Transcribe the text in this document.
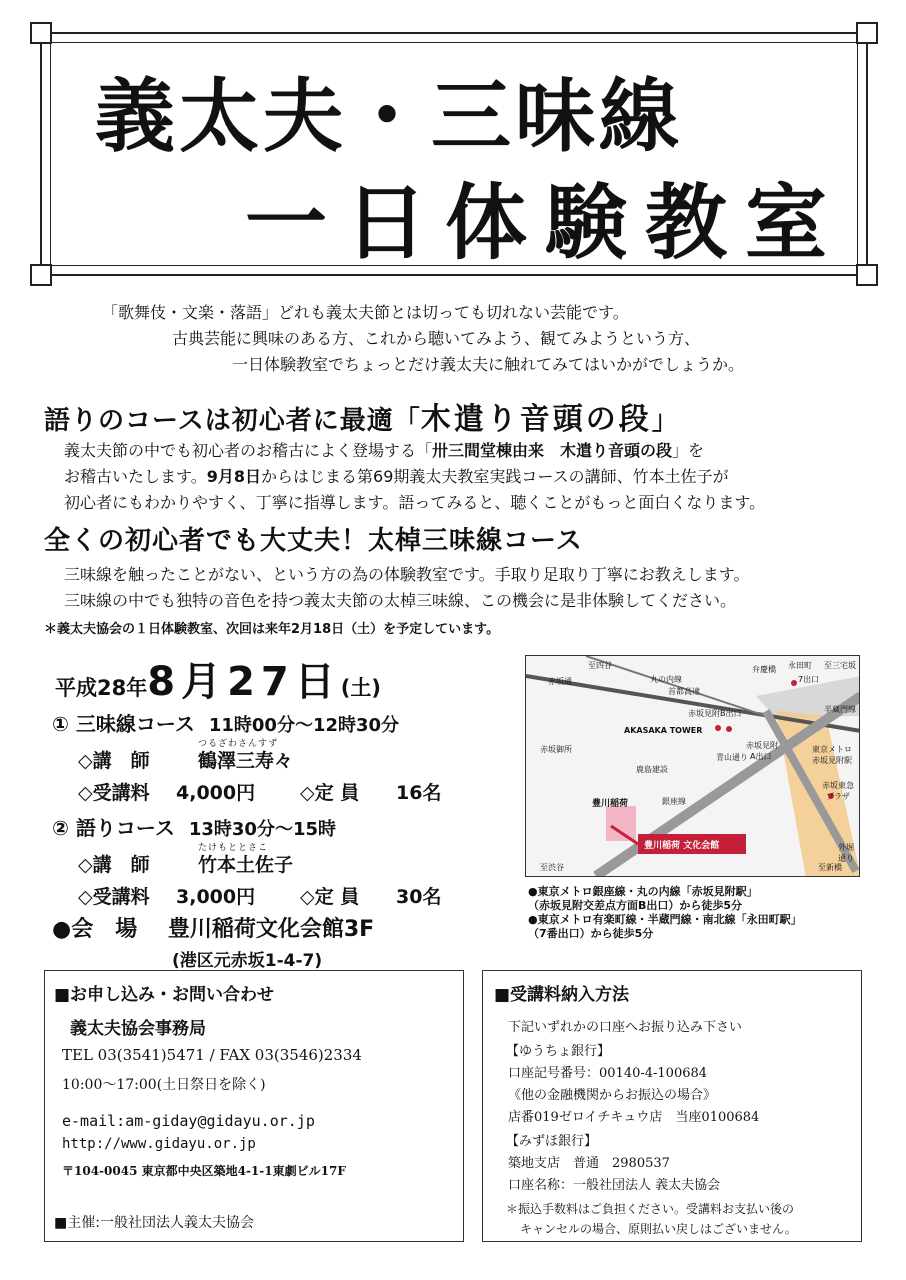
義太夫・三味線
一日体験教室
「歌舞伎・文楽・落語」どれも義太夫節とは切っても切れない芸能です。
古典芸能に興味のある方、これから聴いてみよう、観てみようという方、
一日体験教室でちょっとだけ義太夫に触れてみてはいかがでしょうか。
語りのコースは初心者に最適「木遣り音頭の段」
義太夫節の中でも初心者のお稽古によく登場する「卅三間堂棟由来　木遣り音頭の段」を
お稽古いたします。9月8日からはじまる第69期義太夫教室実践コースの講師、竹本土佐子が
初心者にもわかりやすく、丁寧に指導します。語ってみると、聴くことがもっと面白くなります。
全くの初心者でも大丈夫！太棹三味線コース
三味線を触ったことがない、という方の為の体験教室です。手取り足取り丁寧にお教えします。
三味線の中でも独特の音色を持つ義太夫節の太棹三味線、この機会に是非体験してください。
＊義太夫協会の１日体験教室、次回は来年2月18日（土）を予定しています。
平成28年8月27日(土)
① 三味線コース 11時00分～12時30分
つるざわさんすず
◇講　師	鶴澤三寿々
◇受講料 4,000円 ◇定 員 16名
② 語りコース 13時30分～15時
たけもととさこ
◇講　師	竹本土佐子
◇受講料 3,000円 ◇定 員 30名
●会　場 豊川稲荷文化会館3F
(港区元赤坂1-4-7)
至四谷
赤坂通	丸の内線
首都高速
弁慶橋 永田町
7出口
至三宅坂
赤坂見附B出口	半蔵門線
AKASAKA TOWER
赤坂見附
A出口
東京メトロ
赤坂見附駅
赤坂御所
鹿島建設
青山通り
豊川稲荷	銀座線
赤坂東急
プラザ
豊川稲荷 文化会館
至渋谷	至新橋
外堀通り
●東京メトロ銀座線・丸の内線「赤坂見附駅」
（赤坂見附交差点方面B出口）から徒歩5分
●東京メトロ有楽町線・半蔵門線・南北線「永田町駅」
（7番出口）から徒歩5分
■お申し込み・お問い合わせ
義太夫協会事務局
TEL 03(3541)5471 / FAX 03(3546)2334
10:00～17:00(土日祭日を除く)
e-mail:am-giday@gidayu.or.jp
http://www.gidayu.or.jp
〒104-0045 東京都中央区築地4-1-1東劇ビル17F
■主催:一般社団法人義太夫協会
■受講料納入方法
下記いずれかの口座へお振り込み下さい
【ゆうちょ銀行】
口座記号番号：00140-4-100684
《他の金融機関からお振込の場合》
店番019ゼロイチキュウ店　当座0100684
【みずほ銀行】
築地支店　普通　2980537
口座名称：一般社団法人 義太夫協会
＊振込手数料はご負担ください。受講料お支払い後の
キャンセルの場合、原則払い戻しはございません。
